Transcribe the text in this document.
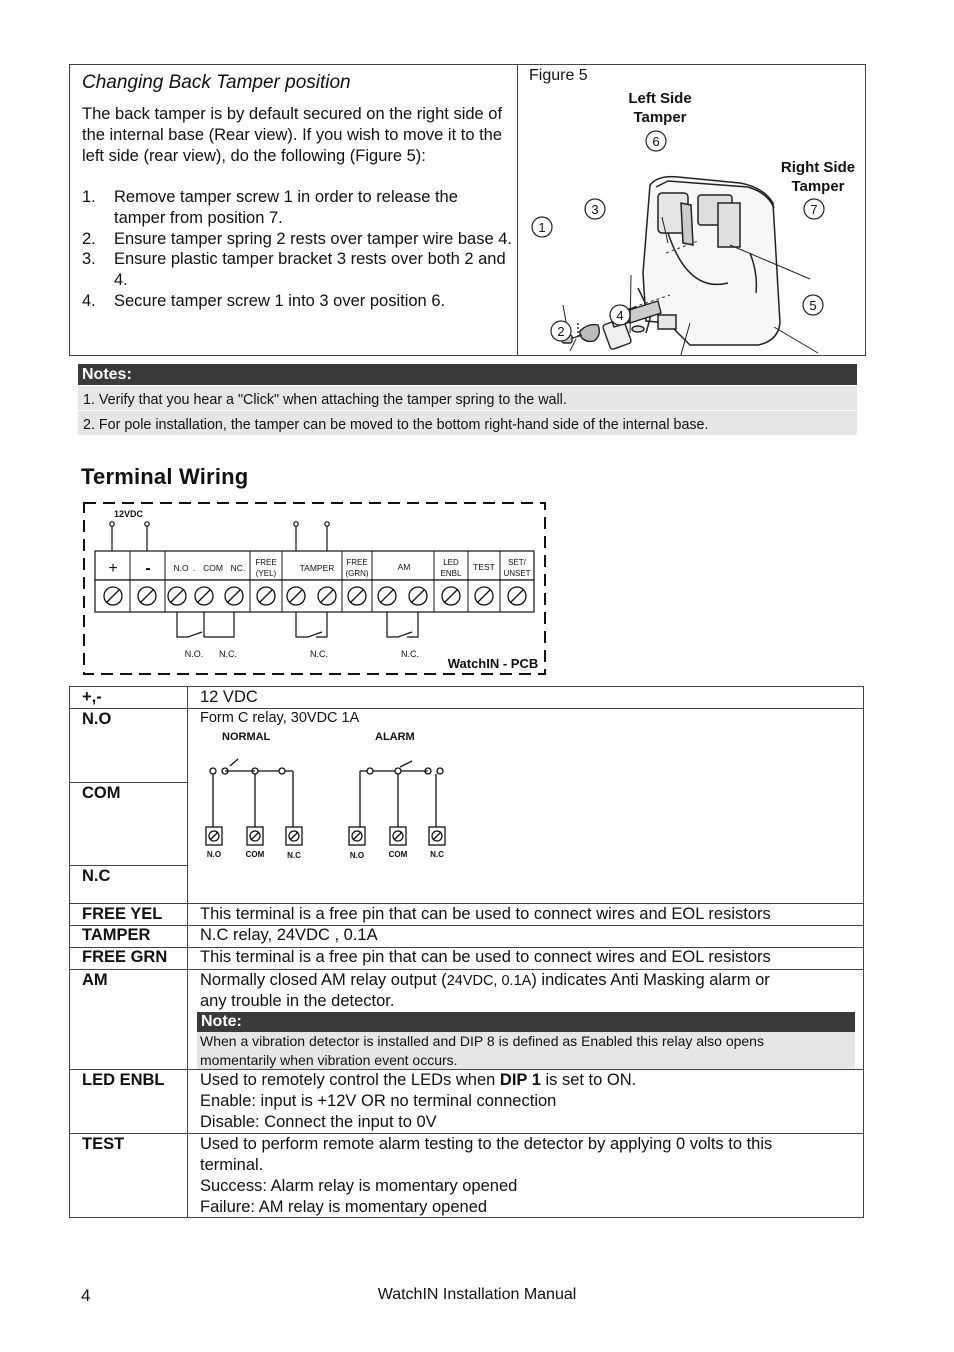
Changing Back Tamper position
The back tamper is by default secured on the right side of the internal base (Rear view). If you wish to move it to the left side (rear view), do the following (Figure 5):
1. Remove tamper screw 1 in order to release the tamper from position 7.
2. Ensure tamper spring 2 rests over tamper wire base 4.
3. Ensure plastic tamper bracket 3 rests over both 2 and 4.
4. Secure tamper screw 1 into 3 over position 6.
Figure 5
Left Side
Tamper
Right Side
Tamper
1
2
3
4
5
6
7
Notes:
1. Verify that you hear a "Click" when attaching the tamper spring to the wall.
2. For pole installation, the tamper can be moved to the bottom right-hand side of the internal base.
Terminal Wiring
12VDC
+ -	N.O . COM NC.
FREE
(YEL)
TAMPER
FREE
(GRN)
AM	LED
ENBL
TEST SET/
UNSET
N.O. N.C.	N.C.	N.C.
WatchIN - PCB
+,-	12 VDC
N.O	Form C relay, 30VDC 1A
COM
N.C
NORMAL	ALARM
N.O	COM	N.C	N.O	COM	N.C
FREE YEL This terminal is a free pin that can be used to connect wires and EOL resistors
TAMPER	N.C relay, 24VDC , 0.1A
FREE GRN This terminal is a free pin that can be used to connect wires and EOL resistors
AM	Normally closed AM relay output (24VDC, 0.1A) indicates Anti Masking alarm or
any trouble in the detector.
Note:
When a vibration detector is installed and DIP 8 is defined as Enabled this relay also opens
momentarily when vibration event occurs.
LED ENBL Used to remotely control the LEDs when DIP 1 is set to ON.
Enable: input is +12V OR no terminal connection
Disable: Connect the input to 0V
TEST	Used to perform remote alarm testing to the detector by applying 0 volts to this
terminal.
Success: Alarm relay is momentary opened
Failure: AM relay is momentary opened
WatchIN Installation Manual
4
